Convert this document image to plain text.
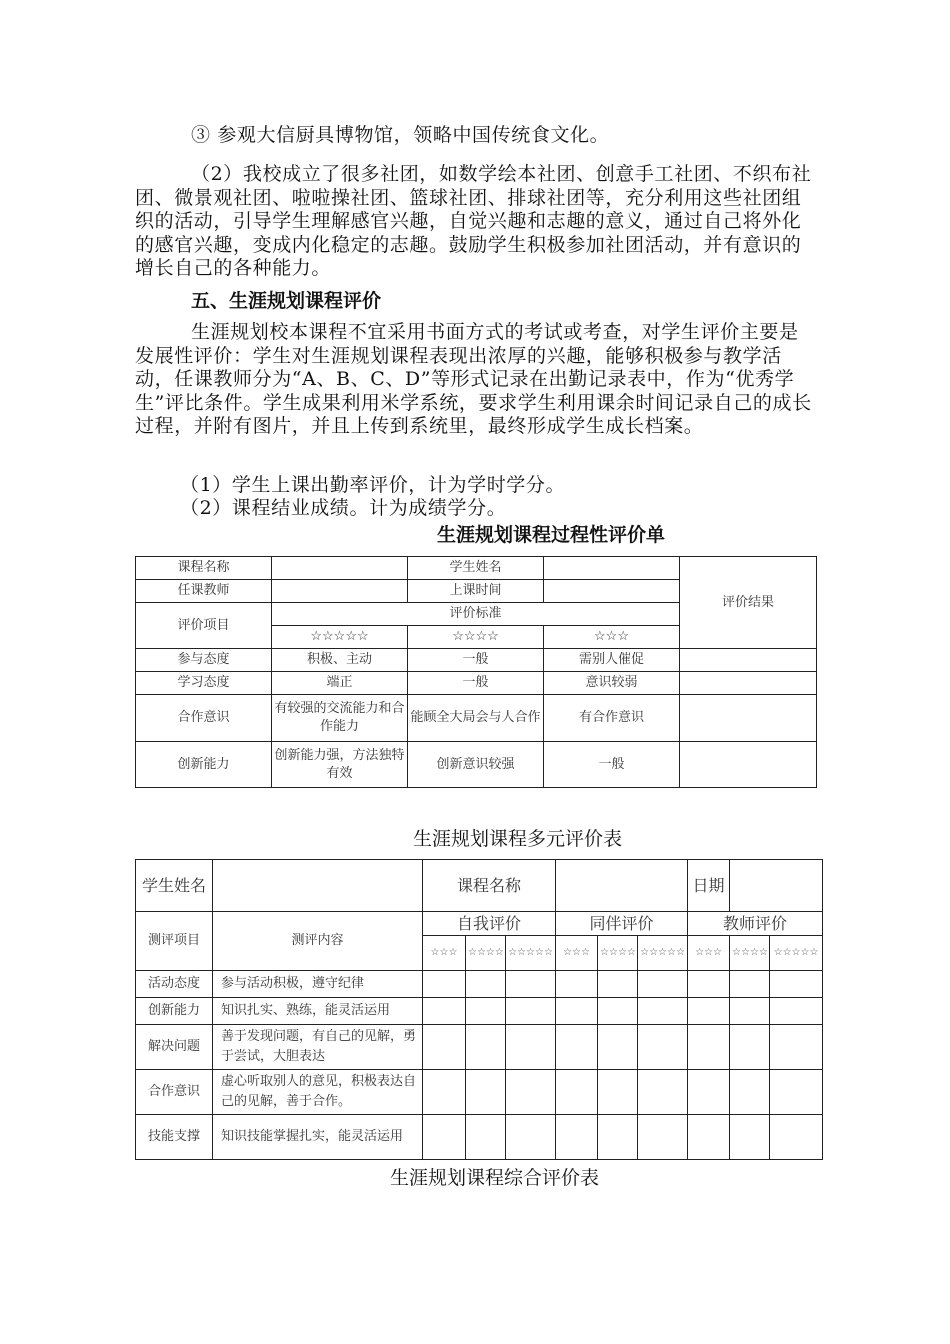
③ 参观大信厨具博物馆，领略中国传统食文化。
（2）我校成立了很多社团，如数学绘本社团、创意手工社团、不织布社团、微景观社团、啦啦操社团、篮球社团、排球社团等，充分利用这些社团组织的活动，引导学生理解感官兴趣，自觉兴趣和志趣的意义，通过自己将外化的感官兴趣，变成内化稳定的志趣。鼓励学生积极参加社团活动，并有意识的增长自己的各种能力。
五、生涯规划课程评价
生涯规划校本课程不宜采用书面方式的考试或考查，对学生评价主要是发展性评价：学生对生涯规划课程表现出浓厚的兴趣，能够积极参与教学活动，任课教师分为“A、B、C、D”等形式记录在出勤记录表中，作为“优秀学生”评比条件。学生成果利用米学系统，要求学生利用课余时间记录自己的成长过程，并附有图片，并且上传到系统里，最终形成学生成长档案。
（1）学生上课出勤率评价，计为学时学分。
（2）课程结业成绩。计为成绩学分。
生涯规划课程过程性评价单
课程名称		学生姓名		评价结果
任课教师		上课时间		
评价项目	评价标准			
	☆☆☆☆☆	☆☆☆☆	☆☆☆	
参与态度	积极、主动	一般	需别人催促	
学习态度	端正	一般	意识较弱	
合作意识	有较强的交流能力和合作能力	能顾全大局会与人合作	有合作意识	
创新能力	创新能力强，方法独特有效	创新意识较强	一般	
生涯规划课程多元评价表
学生姓名		课程名称						日期		
测评项目	测评内容	自我评价			同伴评价			教师评价		
		☆☆☆	☆☆☆☆	☆☆☆☆☆	☆☆☆	☆☆☆☆	☆☆☆☆☆	☆☆☆	☆☆☆☆	☆☆☆☆☆
活动态度	参与活动积极，遵守纪律									
创新能力	知识扎实、熟练，能灵活运用									
解决问题	善于发现问题，有自己的见解，勇于尝试，大胆表达									
合作意识	虚心听取别人的意见，积极表达自己的见解，善于合作。									
技能支撑	知识技能掌握扎实，能灵活运用									
生涯规划课程综合评价表
